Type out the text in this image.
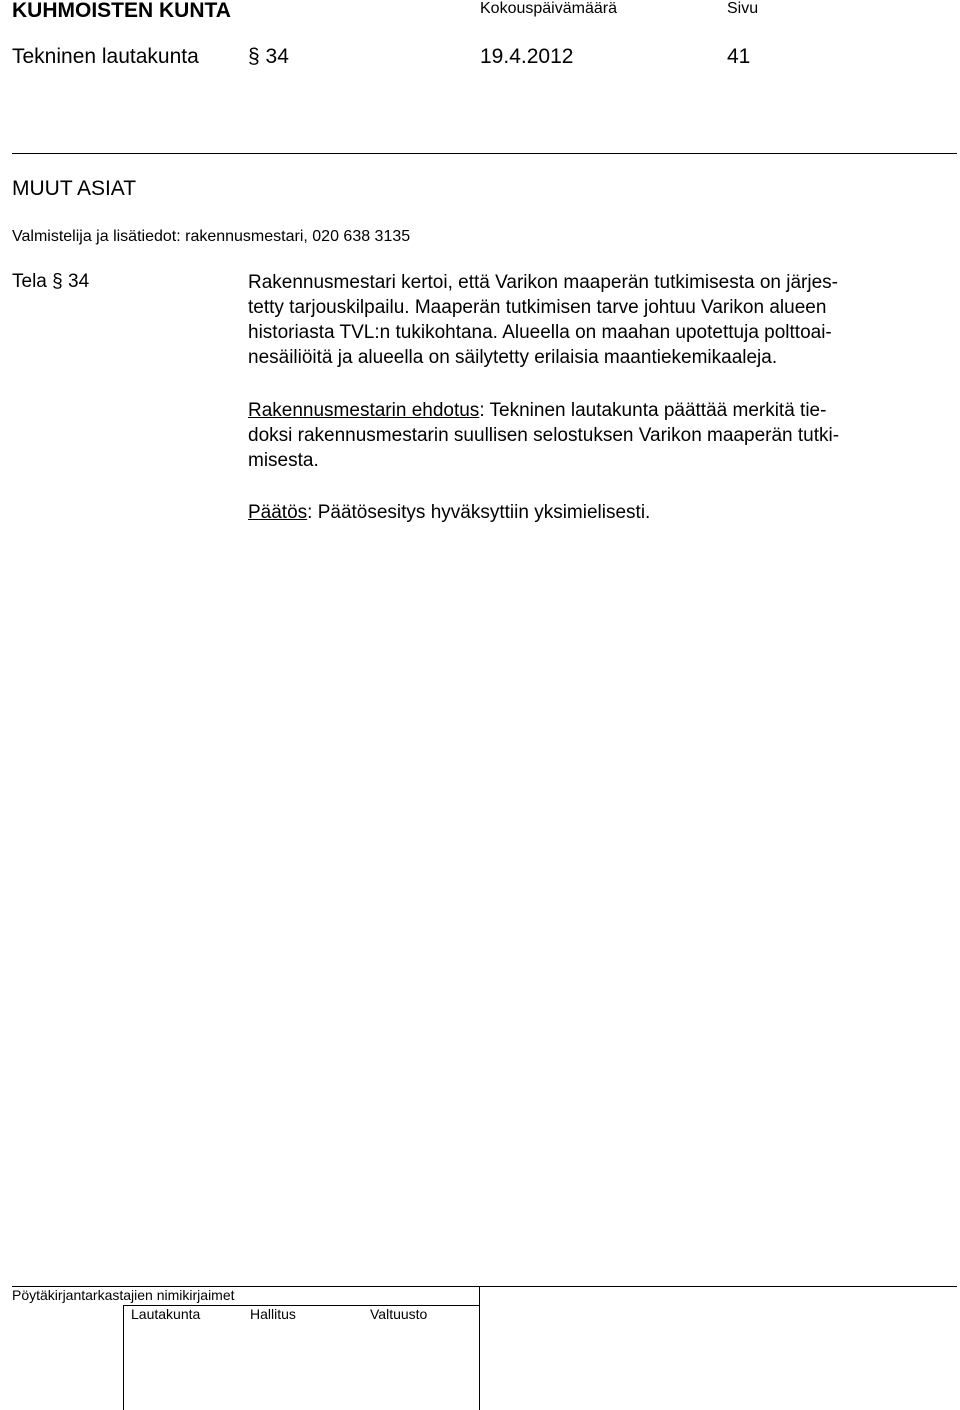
KUHMOISTEN KUNTA	Kokouspäivämäärä	Sivu
Tekninen lautakunta § 34	19.4.2012	41
MUUT ASIAT
Valmistelija ja lisätiedot: rakennusmestari, 020 638 3135
Tela § 34	Rakennusmestari kertoi, että Varikon maaperän tutkimisesta on järjes-

tetty tarjouskilpailu. Maaperän tutkimisen tarve johtuu Varikon alueen

historiasta TVL:n tukikohtana. Alueella on maahan upotettuja polttoai-

nesäiliöitä ja alueella on säilytetty erilaisia maantiekemikaaleja.

Rakennusmestarin ehdotus: Tekninen lautakunta päättää merkitä tie-

doksi rakennusmestarin suullisen selostuksen Varikon maaperän tutki-

misesta.

Päätös: Päätösesitys hyväksyttiin yksimielisesti.

Pöytäkirjantarkastajien nimikirjaimet
Lautakunta	Hallitus	Valtuusto
